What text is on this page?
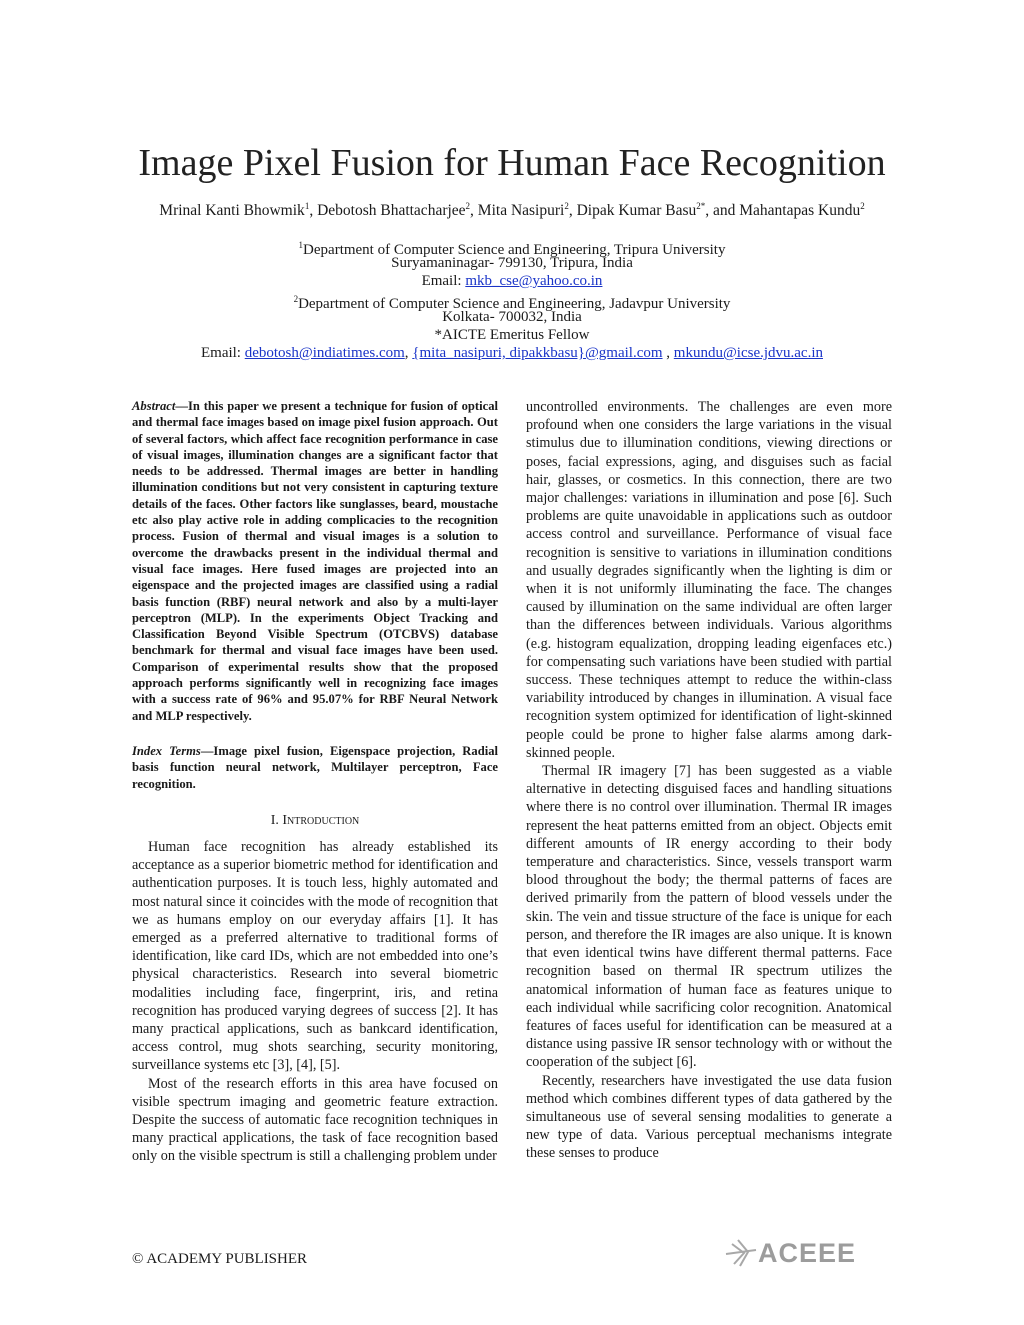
Image Pixel Fusion for Human Face Recognition
Mrinal Kanti Bhowmik$^1$, Debotosh Bhattacharjee$^2$, Mita Nasipuri$^2$, Dipak Kumar Basu$^{2*}$, and Mahantapas Kundu$^2$
$^1$Department of Computer Science and Engineering, Tripura University
Suryamaninagar- 799130, Tripura, India
Email: mkb_cse@yahoo.co.in
$^2$Department of Computer Science and Engineering, Jadavpur University
Kolkata- 700032, India
*AICTE Emeritus Fellow
Email: debotosh@indiatimes.com, {mita_nasipuri, dipakkbasu}@gmail.com , mkundu@icse.jdvu.ac.in

Abstract—In this paper we present a technique for fusion of optical and thermal face images based on image pixel fusion approach. Out of several factors, which affect face recognition performance in case of visual images, illumination changes are a significant factor that needs to be addressed. Thermal images are better in handling illumination conditions but not very consistent in capturing texture details of the faces. Other factors like sunglasses, beard, moustache etc also play active role in adding complicacies to the recognition process. Fusion of thermal and visual images is a solution to overcome the drawbacks present in the individual thermal and visual face images. Here fused images are projected into an eigenspace and the projected images are classified using a radial basis function (RBF) neural network and also by a multi-layer perceptron (MLP). In the experiments Object Tracking and Classification Beyond Visible Spectrum (OTCBVS) database benchmark for thermal and visual face images have been used. Comparison of experimental results show that the proposed approach performs significantly well in recognizing face images with a success rate of 96% and 95.07% for RBF Neural Network and MLP respectively.

Index Terms—Image pixel fusion, Eigenspace projection, Radial basis function neural network, Multilayer perceptron, Face recognition.

I. Introduction

Human face recognition has already established its acceptance as a superior biometric method for identification and authentication purposes. It is touch less, highly automated and most natural since it coincides with the mode of recognition that we as humans employ on our everyday affairs [1]. It has emerged as a preferred alternative to traditional forms of identification, like card IDs, which are not embedded into one’s physical characteristics. Research into several biometric modalities including face, fingerprint, iris, and retina recognition has produced varying degrees of success [2]. It has many practical applications, such as bankcard identification, access control, mug shots searching, security monitoring, surveillance systems etc [3], [4], [5].

Most of the research efforts in this area have focused on visible spectrum imaging and geometric feature extraction. Despite the success of automatic face recognition techniques in many practical applications, the task of face recognition based only on the visible spectrum is still a challenging problem under

uncontrolled environments. The challenges are even more profound when one considers the large variations in the visual stimulus due to illumination conditions, viewing directions or poses, facial expressions, aging, and disguises such as facial hair, glasses, or cosmetics. In this connection, there are two major challenges: variations in illumination and pose [6]. Such problems are quite unavoidable in applications such as outdoor access control and surveillance. Performance of visual face recognition is sensitive to variations in illumination conditions and usually degrades significantly when the lighting is dim or when it is not uniformly illuminating the face. The changes caused by illumination on the same individual are often larger than the differences between individuals. Various algorithms (e.g. histogram equalization, dropping leading eigenfaces etc.) for compensating such variations have been studied with partial success. These techniques attempt to reduce the within-class variability introduced by changes in illumination. A visual face recognition system optimized for identification of light-skinned people could be prone to higher false alarms among dark-skinned people.

Thermal IR imagery [7] has been suggested as a viable alternative in detecting disguised faces and handling situations where there is no control over illumination. Thermal IR images represent the heat patterns emitted from an object. Objects emit different amounts of IR energy according to their body temperature and characteristics. Since, vessels transport warm blood throughout the body; the thermal patterns of faces are derived primarily from the pattern of blood vessels under the skin. The vein and tissue structure of the face is unique for each person, and therefore the IR images are also unique. It is known that even identical twins have different thermal patterns. Face recognition based on thermal IR spectrum utilizes the anatomical information of human face as features unique to each individual while sacrificing color recognition. Anatomical features of faces useful for identification can be measured at a distance using passive IR sensor technology with or without the cooperation of the subject [6].

Recently, researchers have investigated the use data fusion method which combines different types of data gathered by the simultaneous use of several sensing modalities to generate a new type of data. Various perceptual mechanisms integrate these senses to produce

© ACADEMY PUBLISHER	ACEEE
